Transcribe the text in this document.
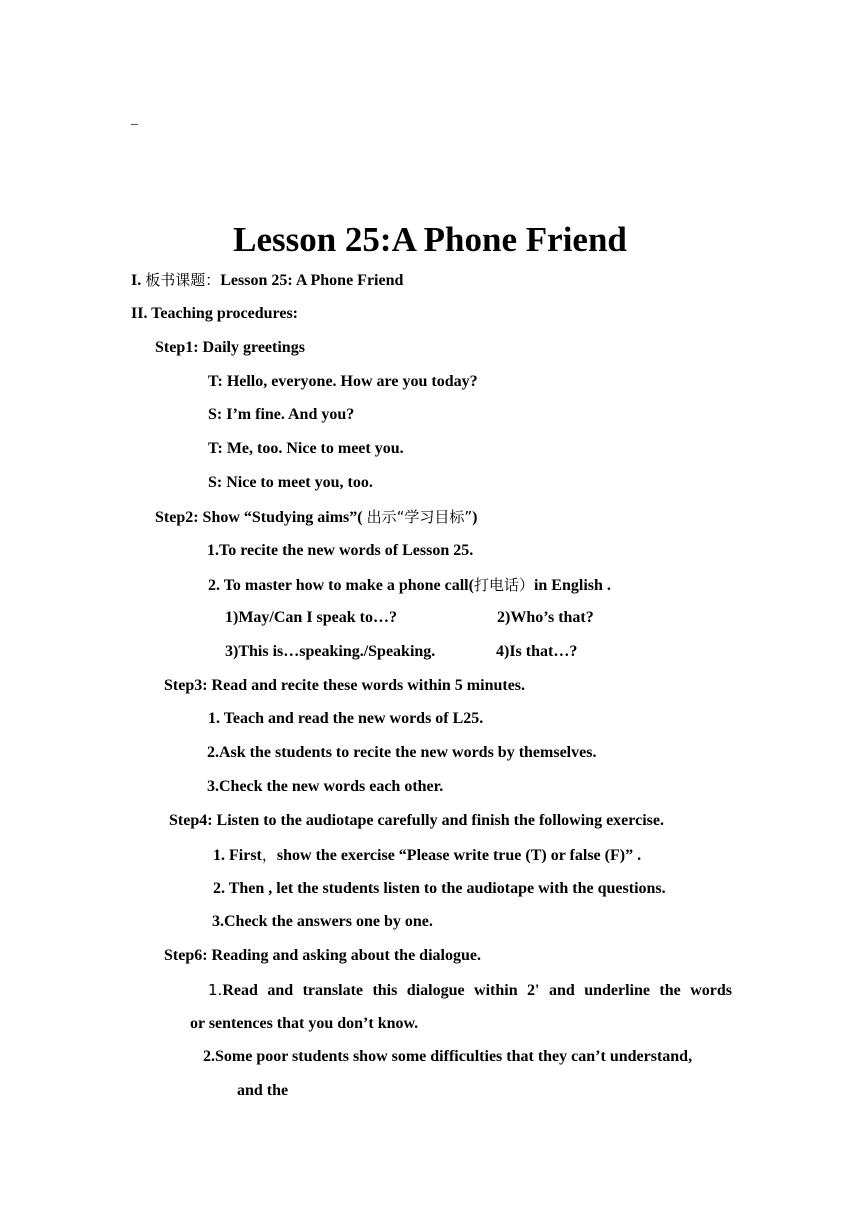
_
Lesson 25:A Phone Friend
I. 板书课题：Lesson 25: A Phone Friend
II. Teaching procedures:
Step1: Daily greetings
T: Hello, everyone. How are you today?
S: I’m fine. And you?
T: Me, too. Nice to meet you.
S: Nice to meet you, too.
Step2: Show “Studying aims”( 出示“学习目标”)
1.To recite the new words of Lesson 25.
2. To master how to make a phone call(打电话）in English .
1)May/Can I speak to…?	2)Who’s that?
3)This is…speaking./Speaking.	4)Is that…?
Step3: Read and recite these words within 5 minutes.
1. Teach and read the new words of L25.
2.Ask the students to recite the new words by themselves.
3.Check the new words each other.
Step4: Listen to the audiotape carefully and finish the following exercise.
1. First，show the exercise “Please write true (T) or false (F)” .
2. Then , let the students listen to the audiotape with the questions.
3.Check the answers one by one.
Step6: Reading and asking about the dialogue.
1.Read and translate this dialogue within 2' and underline the words
or sentences that you don’t know.
2.Some poor students show some difficulties that they can’t understand,
and the
